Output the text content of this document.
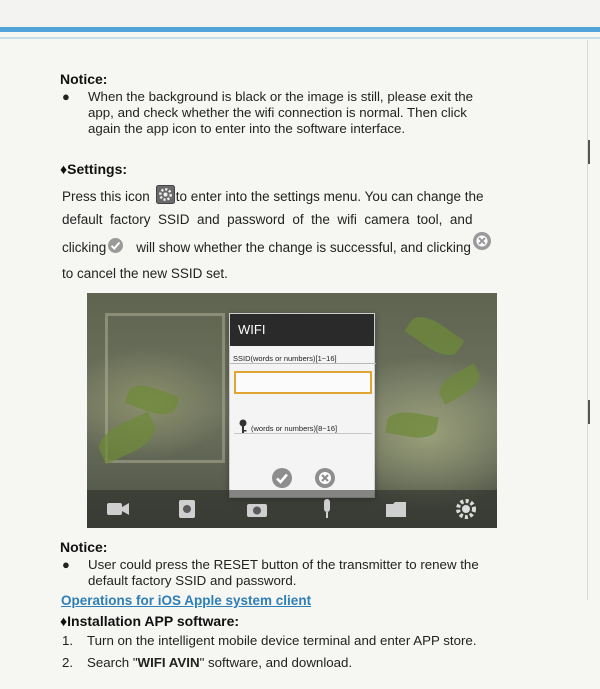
Notice:
●	When the background is black or the image is still, please exit the
app, and check whether the wifi connection is normal. Then click
again the app icon to enter into the software interface.
♦Settings:
Press this icon to enter into the settings menu. You can change the
default  factory  SSID  and  password  of  the  wifi  camera  tool,  and
clicking will show whether the change is successful, and clicking
to cancel the new SSID set.
WIFI
SSID(words or numbers)[1~16]
(words or numbers)[8~16]
Notice:
●	User could press the RESET button of the transmitter to renew the
default factory SSID and password.
Operations for iOS Apple system client
♦Installation APP software:
1.	Turn on the intelligent mobile device terminal and enter APP store.
2.	Search "WIFI AVIN" software, and download.
